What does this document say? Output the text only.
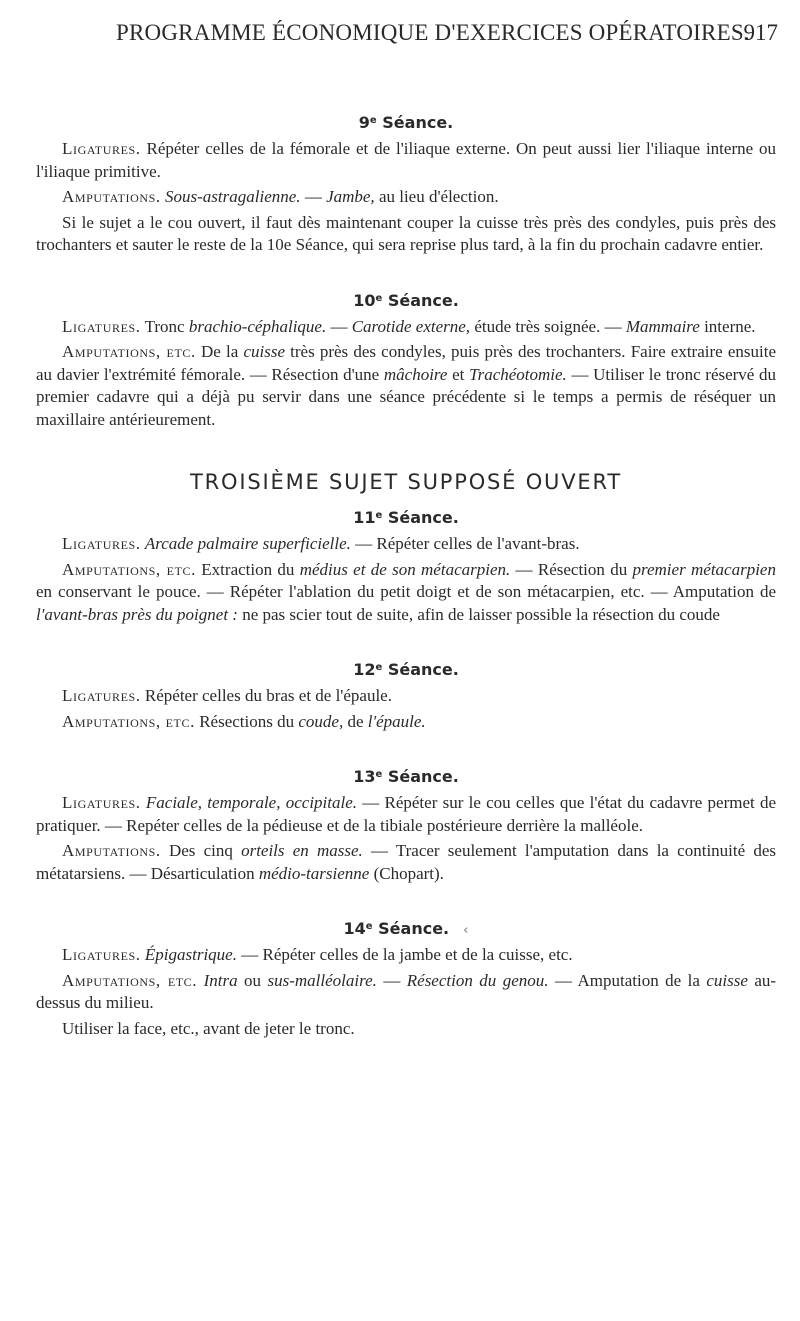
PROGRAMME ÉCONOMIQUE D'EXERCICES OPÉRATOIRES.
917
9e Séance.

Ligatures. Répéter celles de la fémorale et de l'iliaque externe. On peut aussi lier l'iliaque interne ou l'iliaque primitive.

Amputations. Sous-astragalienne. — Jambe, au lieu d'élection.

Si le sujet a le cou ouvert, il faut dès maintenant couper la cuisse très près des condyles, puis près des trochanters et sauter le reste de la 10e Séance, qui sera reprise plus tard, à la fin du prochain cadavre entier.

10e Séance.

Ligatures. Tronc brachio-céphalique. — Carotide externe, étude très soignée. — Mammaire interne.

Amputations, etc. De la cuisse très près des condyles, puis près des trochanters. Faire extraire ensuite au davier l'extrémité fémorale. — Résection d'une mâchoire et Trachéotomie. — Utiliser le tronc réservé du premier cadavre qui a déjà pu servir dans une séance précédente si le temps a permis de réséquer un maxillaire antérieurement.

TROISIÈME SUJET SUPPOSÉ OUVERT
11e Séance.

Ligatures. Arcade palmaire superficielle. — Répéter celles de l'avant-bras.

Amputations, etc. Extraction du médius et de son métacarpien. — Résection du premier métacarpien en conservant le pouce. — Répéter l'ablation du petit doigt et de son métacarpien, etc. — Amputation de l'avant-bras près du poignet : ne pas scier tout de suite, afin de laisser possible la résection du coude

12e Séance.

Ligatures. Répéter celles du bras et de l'épaule.

Amputations, etc. Résections du coude, de l'épaule.

13e Séance.

Ligatures. Faciale, temporale, occipitale. — Répéter sur le cou celles que l'état du cadavre permet de pratiquer. — Repéter celles de la pédieuse et de la tibiale postérieure derrière la malléole.

Amputations. Des cinq orteils en masse. — Tracer seulement l'amputation dans la continuité des métatarsiens. — Désarticulation médio-tarsienne (Chopart).

14e Séance. ‹

Ligatures. Épigastrique. — Répéter celles de la jambe et de la cuisse, etc.

Amputations, etc. Intra ou sus-malléolaire. — Résection du genou. — Amputation de la cuisse au-dessus du milieu.

Utiliser la face, etc., avant de jeter le tronc.
